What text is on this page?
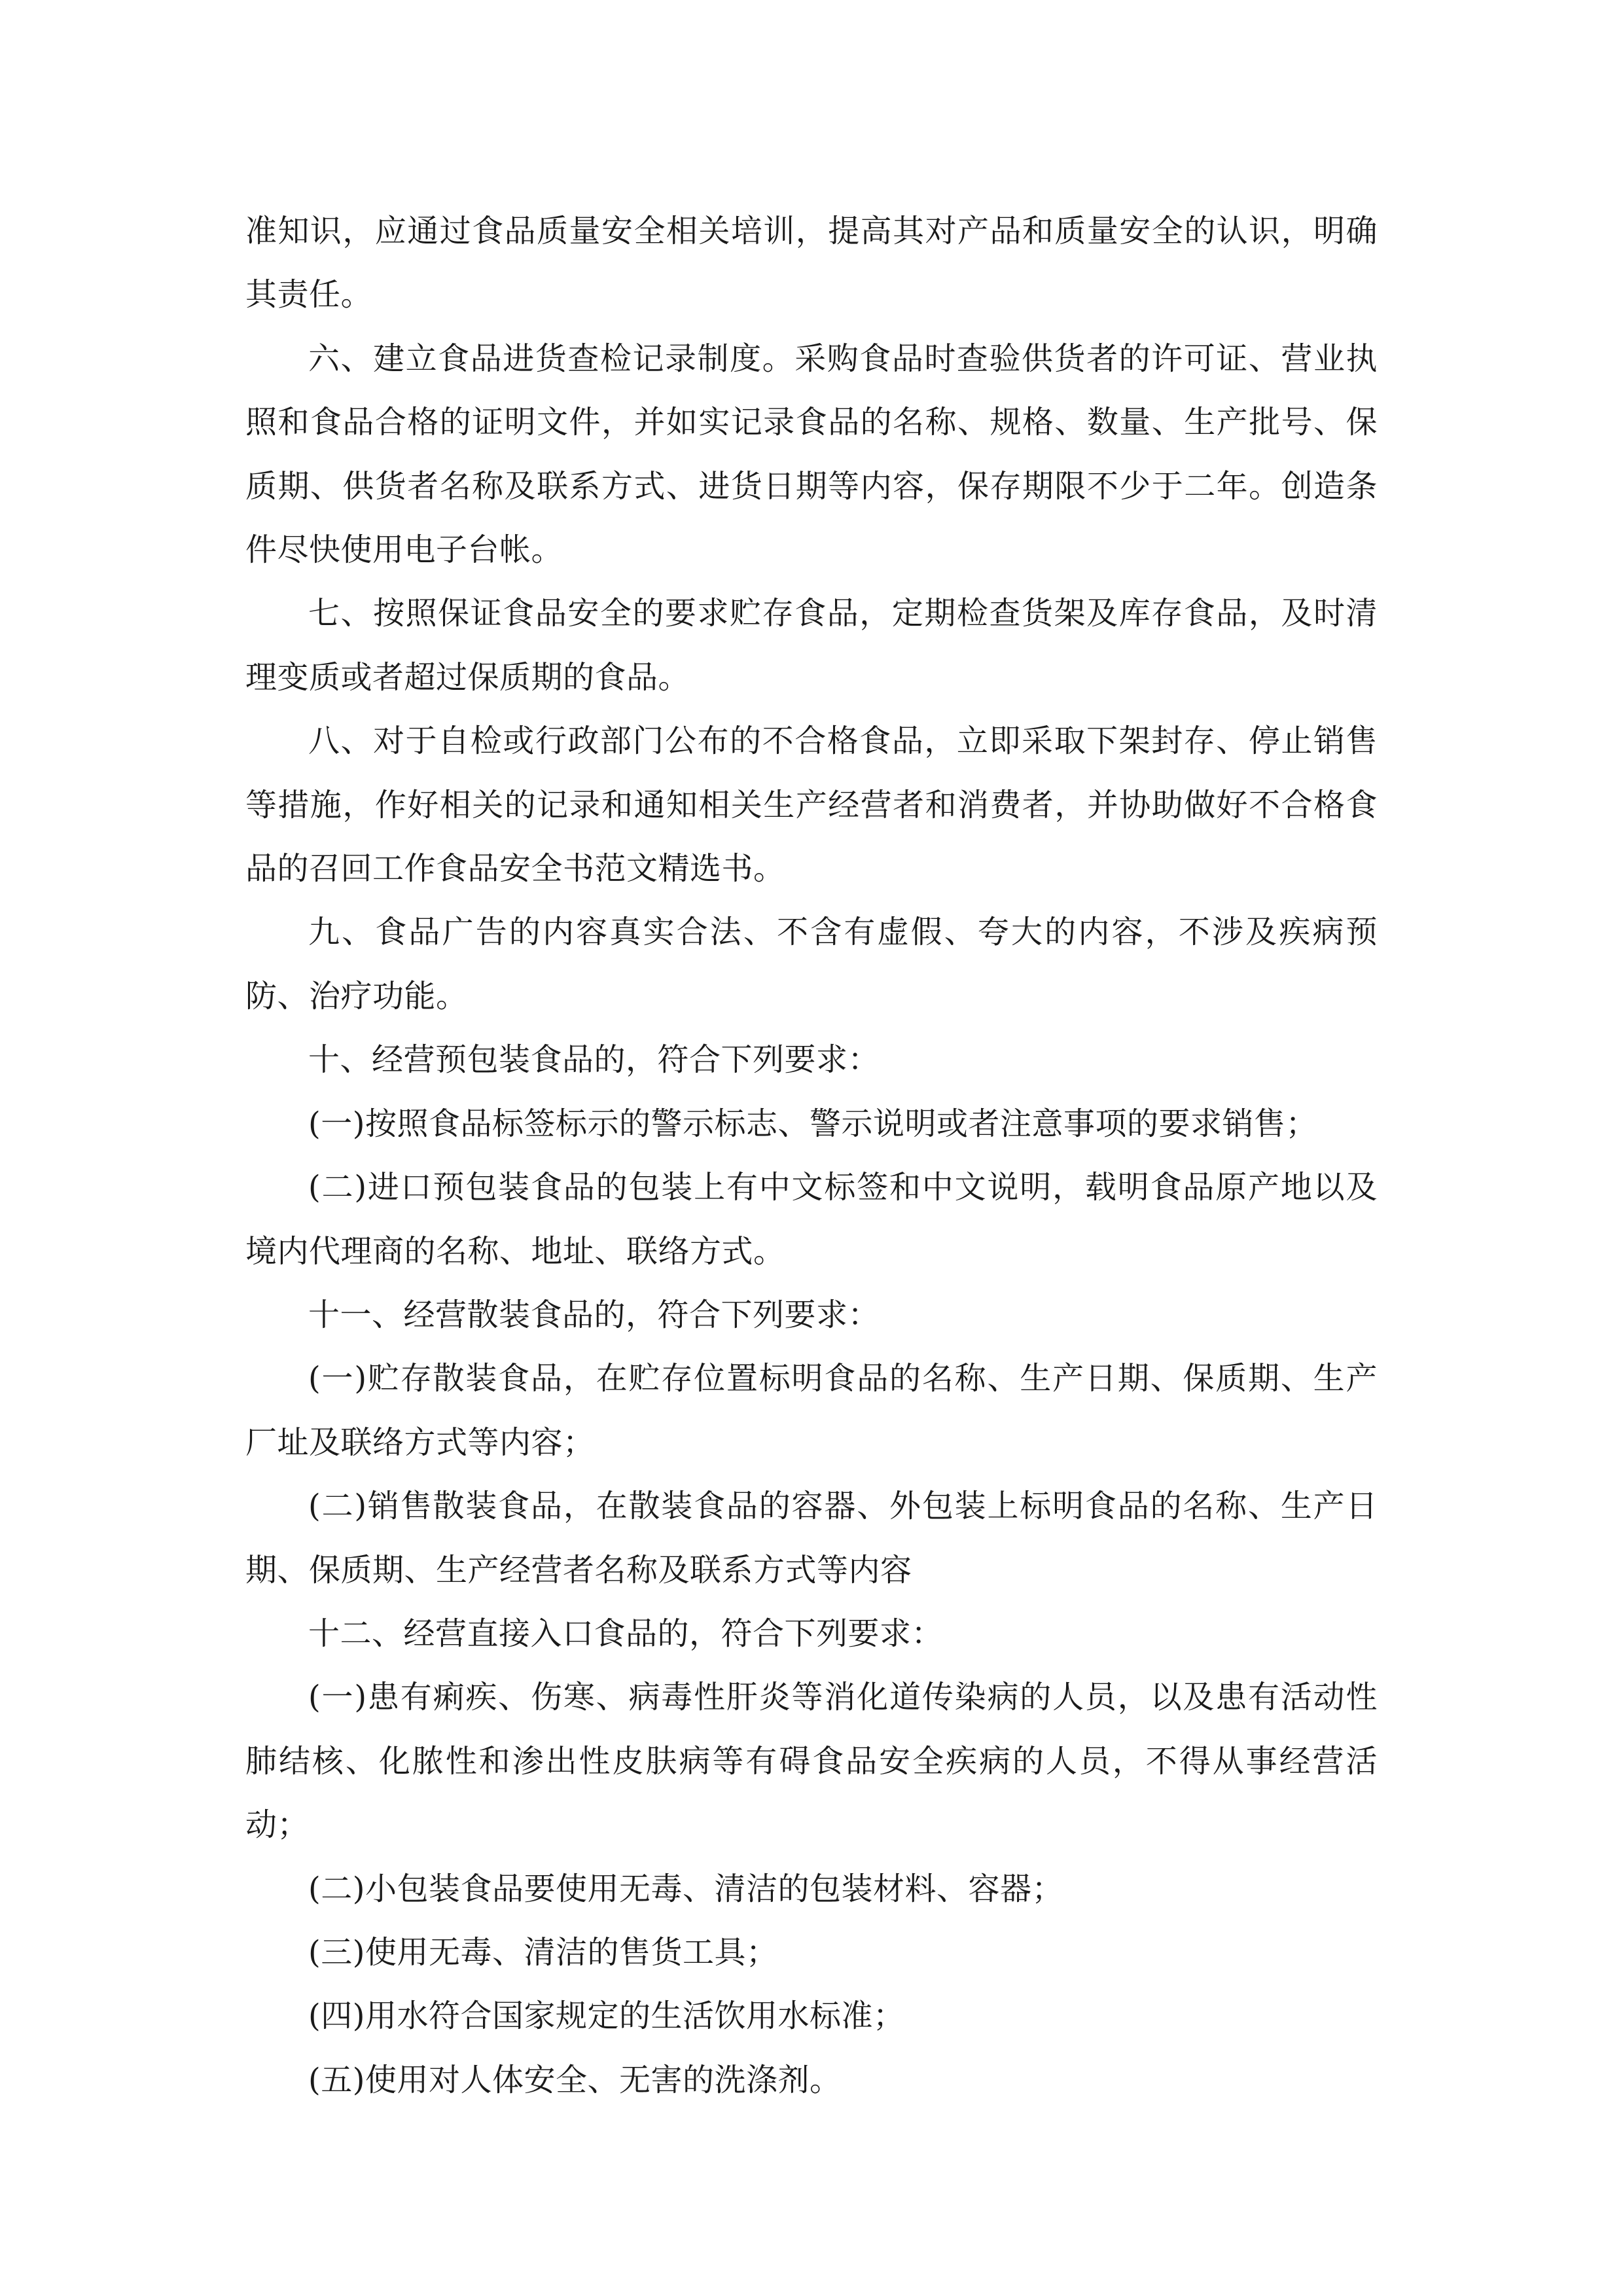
准知识，应通过食品质量安全相关培训，提高其对产品和质量安全的认识，明确其责任。

六、建立食品进货查检记录制度。采购食品时查验供货者的许可证、营业执照和食品合格的证明文件，并如实记录食品的名称、规格、数量、生产批号、保质期、供货者名称及联系方式、进货日期等内容，保存期限不少于二年。创造条件尽快使用电子台帐。

七、按照保证食品安全的要求贮存食品，定期检查货架及库存食品，及时清理变质或者超过保质期的食品。

八、对于自检或行政部门公布的不合格食品，立即采取下架封存、停止销售等措施，作好相关的记录和通知相关生产经营者和消费者，并协助做好不合格食品的召回工作食品安全书范文精选书。

九、食品广告的内容真实合法、不含有虚假、夸大的内容，不涉及疾病预防、治疗功能。

十、经营预包装食品的，符合下列要求：

(一)按照食品标签标示的警示标志、警示说明或者注意事项的要求销售；

(二)进口预包装食品的包装上有中文标签和中文说明，载明食品原产地以及境内代理商的名称、地址、联络方式。

十一、经营散装食品的，符合下列要求：

(一)贮存散装食品，在贮存位置标明食品的名称、生产日期、保质期、生产厂址及联络方式等内容；

(二)销售散装食品，在散装食品的容器、外包装上标明食品的名称、生产日期、保质期、生产经营者名称及联系方式等内容

十二、经营直接入口食品的，符合下列要求：

(一)患有痢疾、伤寒、病毒性肝炎等消化道传染病的人员，以及患有活动性肺结核、化脓性和渗出性皮肤病等有碍食品安全疾病的人员，不得从事经营活动；

(二)小包装食品要使用无毒、清洁的包装材料、容器；

(三)使用无毒、清洁的售货工具；

(四)用水符合国家规定的生活饮用水标准；

(五)使用对人体安全、无害的洗涤剂。
